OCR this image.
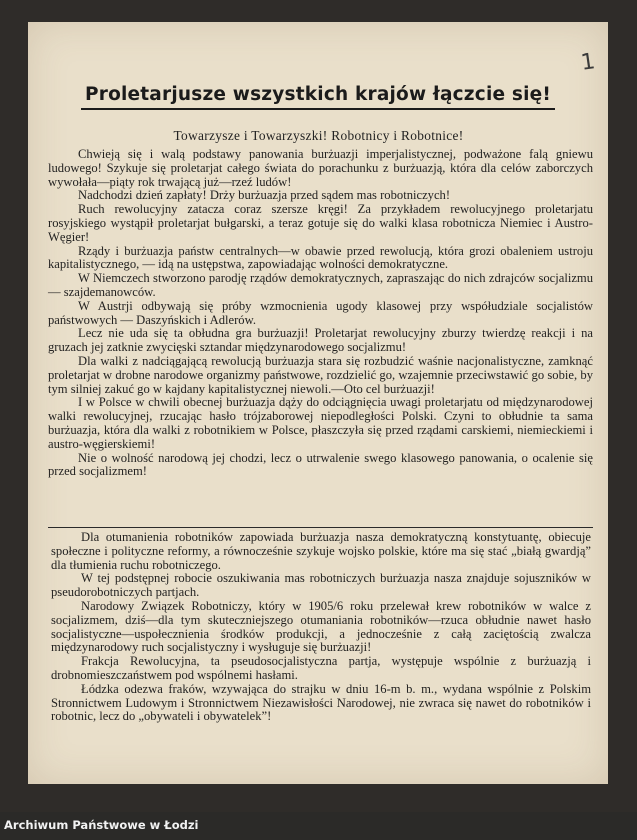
1
Proletarjusze wszystkich krajów łączcie się!
Towarzysze i Towarzyszki! Robotnicy i Robotnice!

Chwieją się i walą podstawy panowania burżuazji imperjalistycznej, podważone falą gniewu ludowego! Szykuje się proletarjat całego świata do porachunku z burżuazją, która dla celów zaborczych wywołała—piąty rok trwającą już—rzeź ludów!

Nadchodzi dzień zapłaty! Drży burżuazja przed sądem mas robotniczych!

Ruch rewolucyjny zatacza coraz szersze kręgi! Za przykładem rewolucyjnego proletarjatu rosyjskiego wystąpił proletarjat bułgarski, a teraz gotuje się do walki klasa robotnicza Niemiec i Austro-Węgier!

Rządy i burżuazja państw centralnych—w obawie przed rewolucją, która grozi obaleniem ustroju kapitalistycznego, — idą na ustępstwa, zapowiadając wolności demokratyczne.

W Niemczech stworzono parodję rządów demokratycznych, zapraszając do nich zdrajców socjalizmu — szajdemanowców.

W Austrji odbywają się próby wzmocnienia ugody klasowej przy współudziale socjalistów państwowych — Daszyńskich i Adlerów.

Lecz nie uda się ta obłudna gra burżuazji! Proletarjat rewolucyjny zburzy twierdzę reakcji i na gruzach jej zatknie zwycięski sztandar międzynarodowego socjalizmu!

Dla walki z nadciągającą rewolucją burżuazja stara się rozbudzić waśnie nacjonalistyczne, zamknąć proletarjat w drobne narodowe organizmy państwowe, rozdzielić go, wzajemnie przeciwstawić go sobie, by tym silniej zakuć go w kajdany kapitalistycznej niewoli.—Oto cel burżuazji!

I w Polsce w chwili obecnej burżuazja dąży do odciągnięcia uwagi proletarjatu od międzynarodowej walki rewolucyjnej, rzucając hasło trójzaborowej niepodległości Polski. Czyni to obłudnie ta sama burżuazja, która dla walki z robotnikiem w Polsce, płaszczyła się przed rządami carskiemi, niemieckiemi i austro-węgierskiemi!

Nie o wolność narodową jej chodzi, lecz o utrwalenie swego klasowego panowania, o ocalenie się przed socjalizmem!

Dla otumanienia robotników zapowiada burżuazja nasza demokratyczną konstytuantę, obiecuje społeczne i polityczne reformy, a równocześnie szykuje wojsko polskie, które ma się stać „białą gwardją” dla tłumienia ruchu robotniczego.

W tej podstępnej robocie oszukiwania mas robotniczych burżuazja nasza znajduje sojuszników w pseudorobotniczych partjach.

Narodowy Związek Robotniczy, który w 1905/6 roku przelewał krew robotników w walce z socjalizmem, dziś—dla tym skuteczniejszego otumaniania robotników—rzuca obłudnie nawet hasło socjalistyczne—uspołecznienia środków produkcji, a jednocześnie z całą zaciętością zwalcza międzynarodowy ruch socjalistyczny i wysługuje się burżuazji!

Frakcja Rewolucyjna, ta pseudosocjalistyczna partja, występuje wspólnie z burżuazją i drobnomieszczaństwem pod wspólnemi hasłami.

Łódzka odezwa fraków, wzywająca do strajku w dniu 16-m b. m., wydana wspólnie z Polskim Stronnictwem Ludowym i Stronnictwem Niezawisłości Narodowej, nie zwraca się nawet do robotników i robotnic, lecz do „obywateli i obywatelek”!

Archiwum Państwowe w Łodzi
